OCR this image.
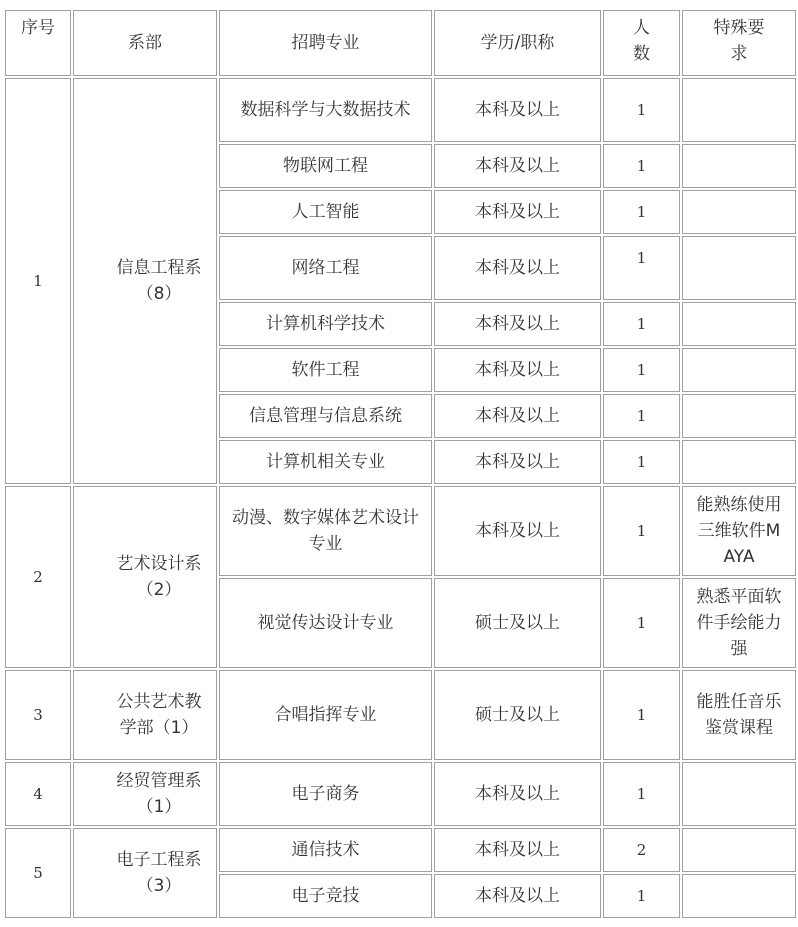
序号	系部	招聘专业	学历/职称	人数	特殊要求
1	信息工程系（8）	数据科学与大数据技术	本科及以上	1	
		物联网工程	本科及以上	1	
		人工智能	本科及以上	1	
		网络工程	本科及以上	1	
		计算机科学技术	本科及以上	1	
		软件工程	本科及以上	1	
		信息管理与信息系统	本科及以上	1	
		计算机相关专业	本科及以上	1	
2	艺术设计系（2）	动漫、数字媒体艺术设计专业	本科及以上	1	能熟练使用三维软件MAYA
		视觉传达设计专业	硕士及以上	1	熟悉平面软件手绘能力强
3	公共艺术教学部（1）	合唱指挥专业	硕士及以上	1	能胜任音乐鉴赏课程
4	经贸管理系（1）	电子商务	本科及以上	1	
5	电子工程系（3）	通信技术	本科及以上	2	
		电子竞技	本科及以上	1	
